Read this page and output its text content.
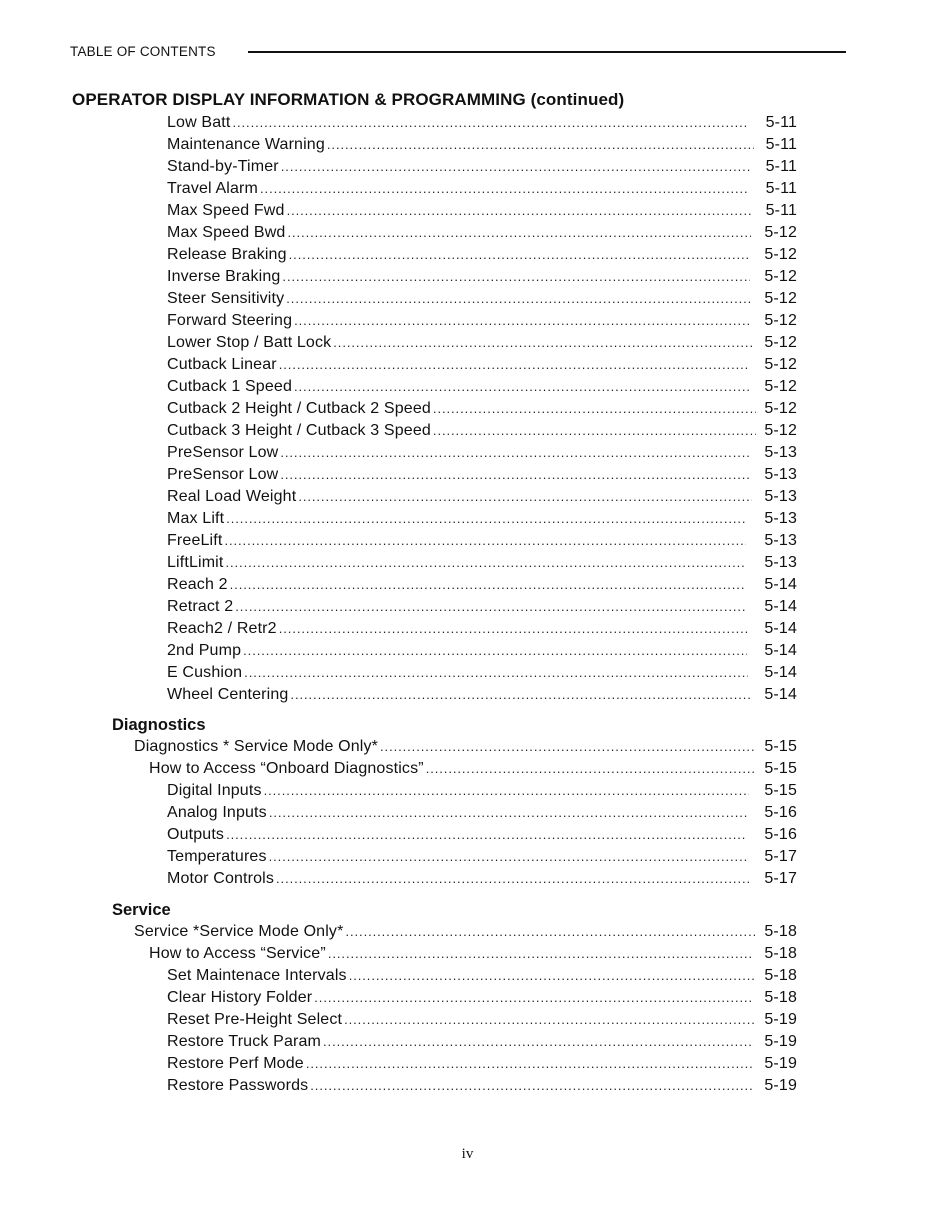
TABLE OF CONTENTS
OPERATOR DISPLAY INFORMATION & PROGRAMMING (continued)
Low Batt . . .	5-11
Maintenance Warning . . .	5-11
Stand-by-Timer . . .	5-11
Travel Alarm . . .	5-11
Max Speed Fwd . . .	5-11
Max Speed Bwd . . .	5-12
Release Braking . . .	5-12
Inverse Braking . . .	5-12
Steer Sensitivity . . .	5-12
Forward Steering . . .	5-12
Lower Stop / Batt Lock . . .	5-12
Cutback Linear . . .	5-12
Cutback 1 Speed . . .	5-12
Cutback 2 Height / Cutback 2 Speed . . .	5-12
Cutback 3 Height / Cutback 3 Speed . . .	5-12
PreSensor Low . . .	5-13
PreSensor Low . . .	5-13
Real Load Weight . . .	5-13
Max Lift . . .	5-13
FreeLift . . .	5-13
LiftLimit . . .	5-13
Reach 2 . . .	5-14
Retract 2 . . .	5-14
Reach2 / Retr2 . . .	5-14
2nd Pump . . .	5-14
E Cushion . . .	5-14
Wheel Centering . . .	5-14
Diagnostics
Diagnostics * Service Mode Only* . . .	5-15
How to Access “Onboard Diagnostics” . . .	5-15
Digital Inputs . . .	5-15
Analog Inputs . . .	5-16
Outputs . . .	5-16
Temperatures . . .	5-17
Motor Controls . . .	5-17
Service
Service *Service Mode Only* . . .	5-18
How to Access “Service” . . .	5-18
Set Maintenace Intervals . . .	5-18
Clear History Folder . . .	5-18
Reset Pre-Height Select . . .	5-19
Restore Truck Param . . .	5-19
Restore Perf Mode . . .	5-19
Restore Passwords . . .	5-19
iv
